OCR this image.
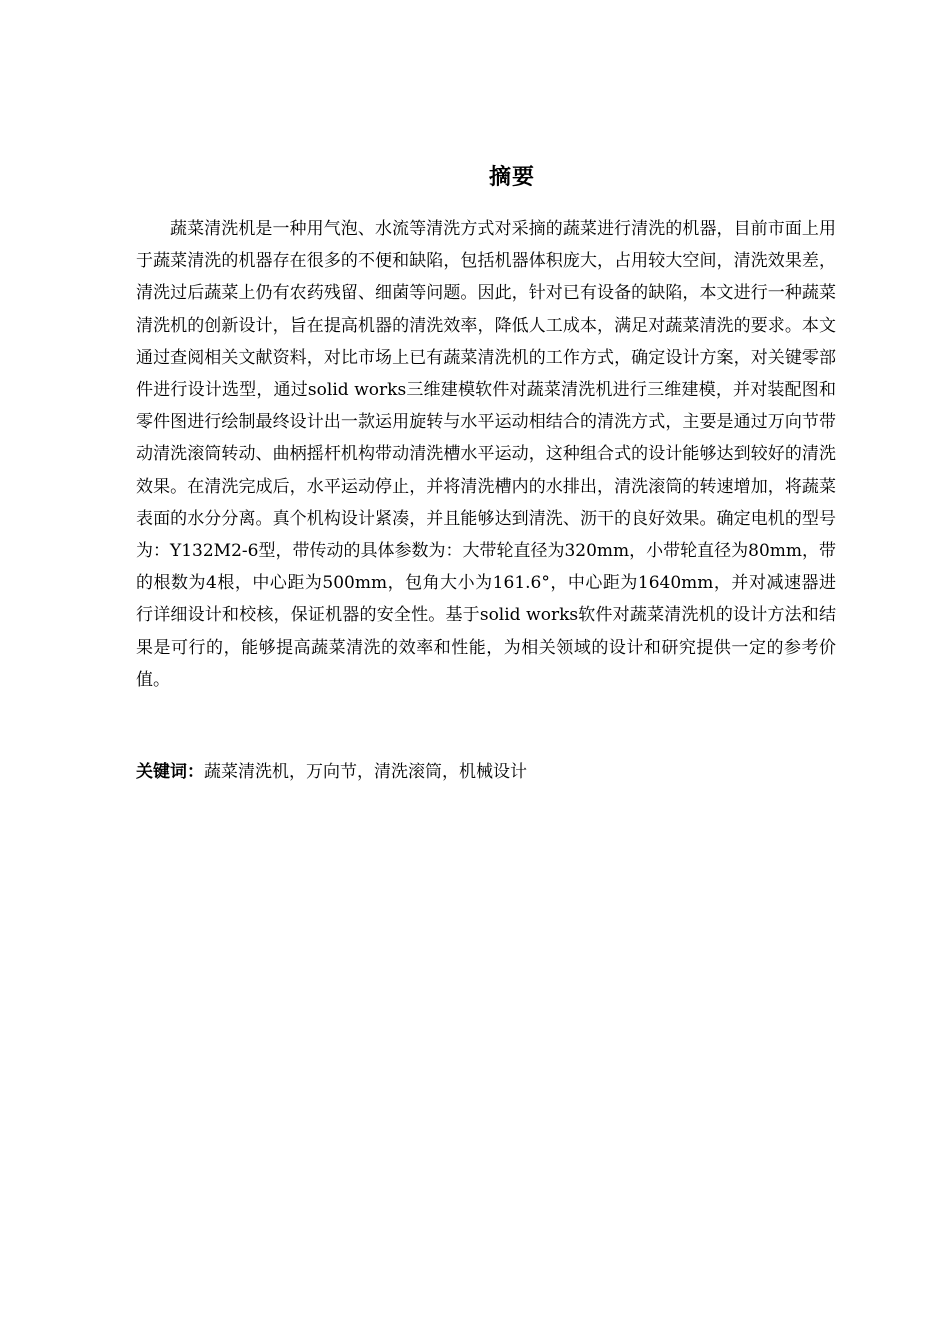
摘要

蔬菜清洗机是一种用气泡、水流等清洗方式对采摘的蔬菜进行清洗的机器，目前市面上用于蔬菜清洗的机器存在很多的不便和缺陷，包括机器体积庞大，占用较大空间，清洗效果差，清洗过后蔬菜上仍有农药残留、细菌等问题。因此，针对已有设备的缺陷，本文进行一种蔬菜清洗机的创新设计，旨在提高机器的清洗效率，降低人工成本，满足对蔬菜清洗的要求。本文通过查阅相关文献资料，对比市场上已有蔬菜清洗机的工作方式，确定设计方案，对关键零部件进行设计选型，通过solid works三维建模软件对蔬菜清洗机进行三维建模，并对装配图和零件图进行绘制最终设计出一款运用旋转与水平运动相结合的清洗方式，主要是通过万向节带动清洗滚筒转动、曲柄摇杆机构带动清洗槽水平运动，这种组合式的设计能够达到较好的清洗效果。在清洗完成后，水平运动停止，并将清洗槽内的水排出，清洗滚筒的转速增加，将蔬菜表面的水分分离。真个机构设计紧凑，并且能够达到清洗、沥干的良好效果。确定电机的型号为：Y132M2-6型，带传动的具体参数为：大带轮直径为320mm，小带轮直径为80mm，带的根数为4根，中心距为500mm，包角大小为161.6°，中心距为1640mm，并对减速器进行详细设计和校核，保证机器的安全性。基于solid works软件对蔬菜清洗机的设计方法和结果是可行的，能够提高蔬菜清洗的效率和性能，为相关领域的设计和研究提供一定的参考价值。

关键词：蔬菜清洗机，万向节，清洗滚筒，机械设计
